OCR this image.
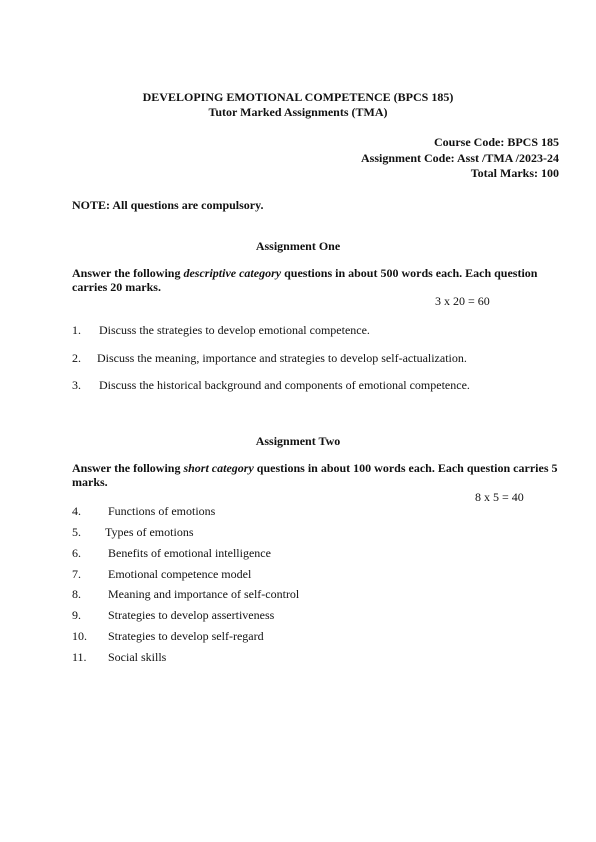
DEVELOPING EMOTIONAL COMPETENCE (BPCS 185)
Tutor Marked Assignments (TMA)
Course Code: BPCS 185
Assignment Code: Asst /TMA /2023-24
Total Marks: 100
NOTE: All questions are compulsory.
Assignment One
Answer the following descriptive category questions in about 500 words each. Each question carries 20 marks.
3 x 20 = 60
1. Discuss the strategies to develop emotional competence.
2. Discuss the meaning, importance and strategies to develop self-actualization.
3. Discuss the historical background and components of emotional competence.
Assignment Two
Answer the following short category questions in about 100 words each. Each question carries 5 marks.
8 x 5 = 40
4. Functions of emotions
5. Types of emotions
6. Benefits of emotional intelligence
7. Emotional competence model
8. Meaning and importance of self-control
9. Strategies to develop assertiveness
10. Strategies to develop self-regard
11. Social skills
